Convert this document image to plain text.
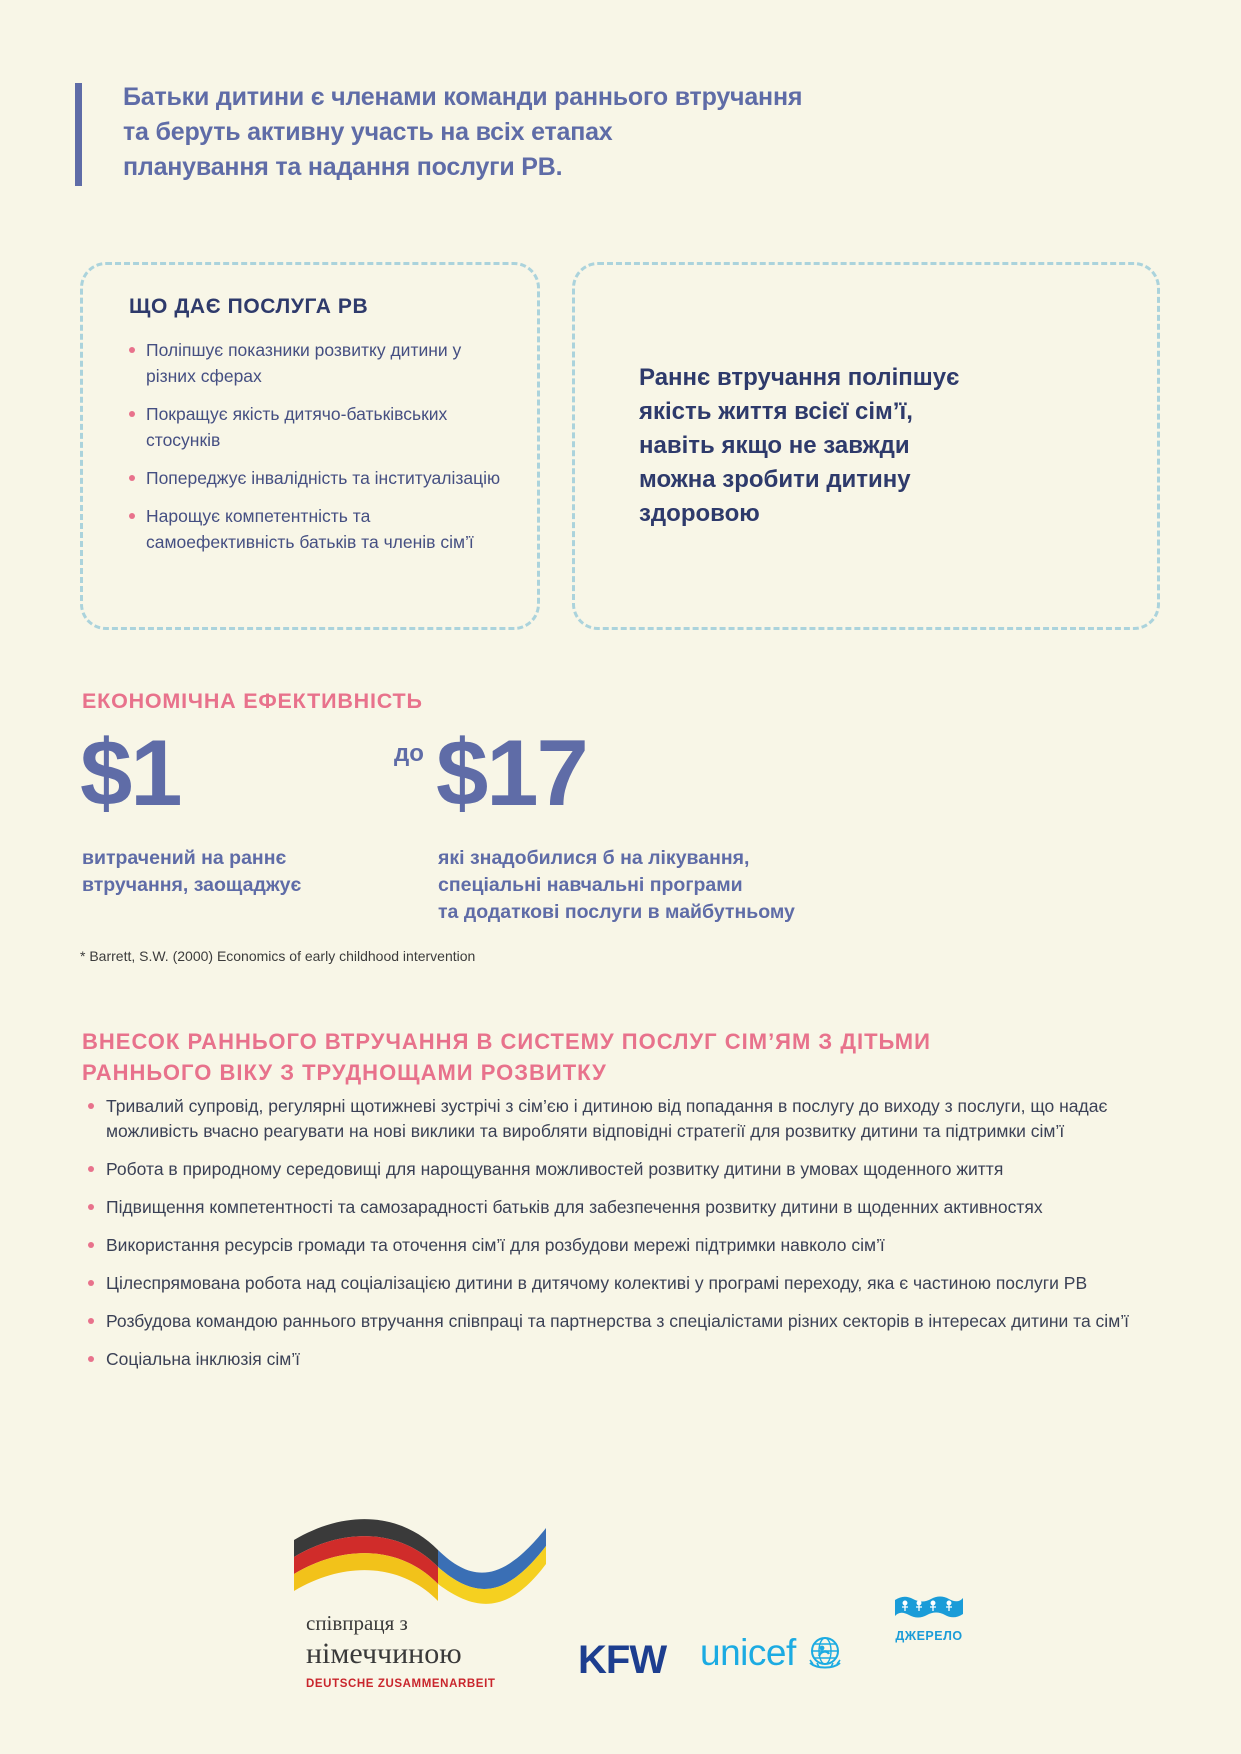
Батьки дитини є членами команди раннього втручання
та беруть активну участь на всіх етапах
планування та надання послуги РВ.
ЩО ДАЄ ПОСЛУГА РВ
Поліпшує показники розвитку дитини у різних сферах
Покращує якість дитячо-батьківських стосунків
Попереджує інвалідність та інституалізацію
Нарощує компетентність та самоефективність батьків та членів сім’ї
Раннє втручання поліпшує
якість життя всієї сім’ї,
навіть якщо не завжди
можна зробити дитину
здоровою
ЕКОНОМІЧНА ЕФЕКТИВНІСТЬ
$1	до $17
витрачений на раннє
втручання, заощаджує
які знадобилися б на лікування,
спеціальні навчальні програми
та додаткові послуги в майбутньому
* Barrett, S.W. (2000) Economics of early childhood intervention
ВНЕСОК РАННЬОГО ВТРУЧАННЯ В СИСТЕМУ ПОСЛУГ СІМ’ЯМ З ДІТЬМИ
РАННЬОГО ВІКУ З ТРУДНОЩАМИ РОЗВИТКУ
Тривалий супровід, регулярні щотижневі зустрічі з сім’єю і дитиною від попадання в послугу до виходу з послуги, що надає можливість вчасно реагувати на нові виклики та виробляти відповідні стратегії для розвитку дитини та підтримки сім’ї
Робота в природному середовищі для нарощування можливостей розвитку дитини в умовах щоденного життя
Підвищення компетентності та самозарадності батьків для забезпечення розвитку дитини в щоденних активностях
Використання ресурсів громади та оточення сім’ї для розбудови мережі підтримки навколо сім’ї
Цілеспрямована робота над соціалізацією дитини в дитячому колективі у програмі переходу, яка є частиною послуги РВ
Розбудова командою раннього втручання співпраці та партнерства з спеціалістами різних секторів в інтересах дитини та сім’ї
Соціальна інклюзія сім’ї
співпраця з
німеччиною
DEUTSCHE ZUSAMMENARBEIT
KFW unicef	ДЖЕРЕЛО
